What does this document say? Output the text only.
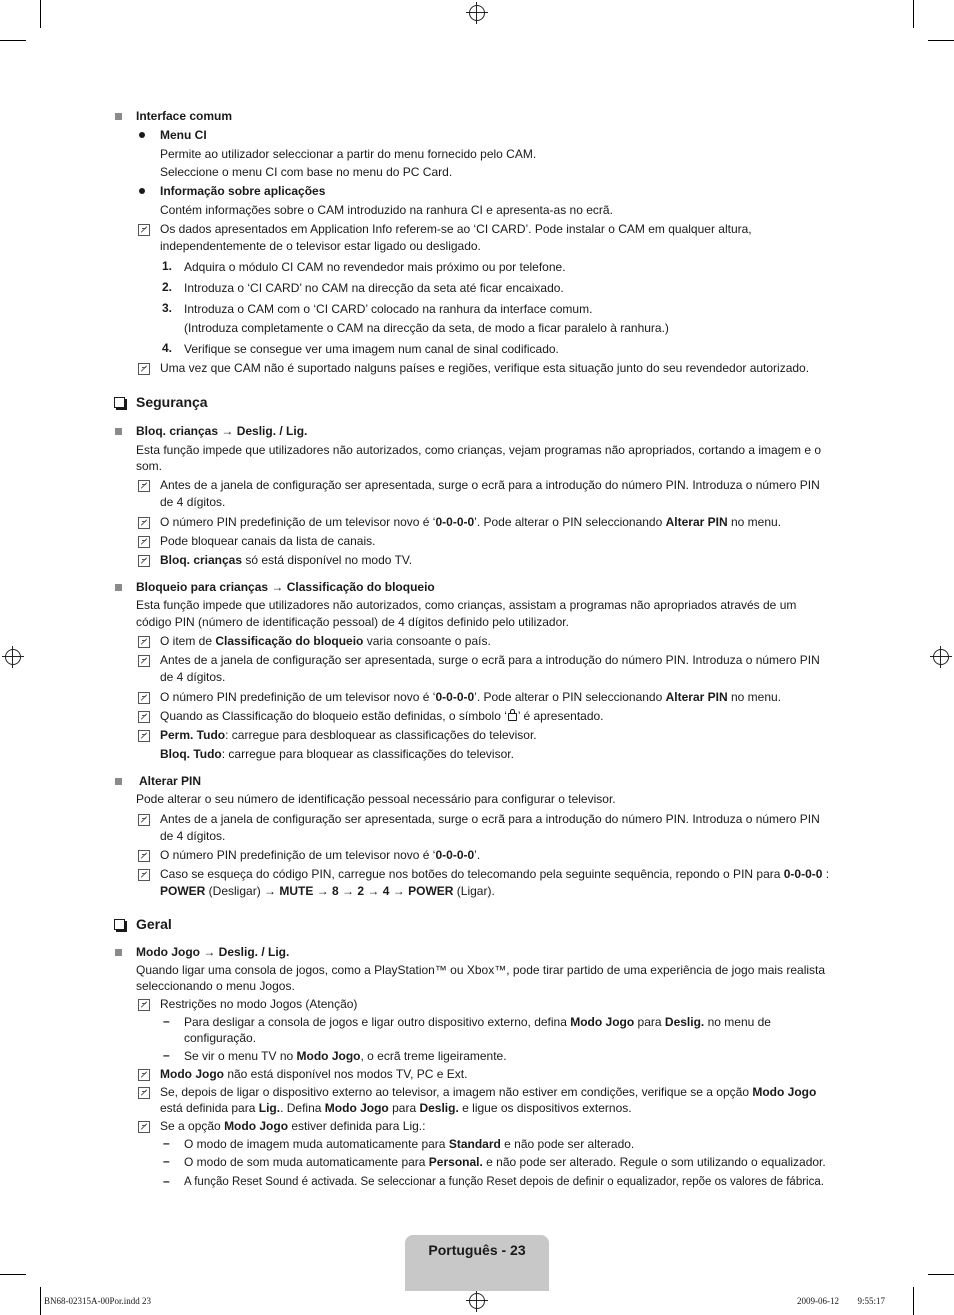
Interface comum
Menu CI
Permite ao utilizador seleccionar a partir do menu fornecido pelo CAM.
Seleccione o menu CI com base no menu do PC Card.
Informação sobre aplicações
Contém informações sobre o CAM introduzido na ranhura CI e apresenta-as no ecrã.
Os dados apresentados em Application Info referem-se ao ‘CI CARD’. Pode instalar o CAM em qualquer altura,
independentemente de o televisor estar ligado ou desligado.
1. Adquira o módulo CI CAM no revendedor mais próximo ou por telefone.
2. Introduza o ‘CI CARD’ no CAM na direcção da seta até ficar encaixado.
3. Introduza o CAM com o ‘CI CARD’ colocado na ranhura da interface comum.
(Introduza completamente o CAM na direcção da seta, de modo a ficar paralelo à ranhura.)
4. Verifique se consegue ver uma imagem num canal de sinal codificado.
Uma vez que CAM não é suportado nalguns países e regiões, verifique esta situação junto do seu revendedor autorizado.
Segurança
Bloq. crianças → Deslig. / Lig.
Esta função impede que utilizadores não autorizados, como crianças, vejam programas não apropriados, cortando a imagem e o
som.
Antes de a janela de configuração ser apresentada, surge o ecrã para a introdução do número PIN. Introduza o número PIN
de 4 dígitos.
O número PIN predefinição de um televisor novo é ‘0-0-0-0’. Pode alterar o PIN seleccionando Alterar PIN no menu.
Pode bloquear canais da lista de canais.
Bloq. crianças só está disponível no modo TV.
Bloqueio para crianças → Classificação do bloqueio
Esta função impede que utilizadores não autorizados, como crianças, assistam a programas não apropriados através de um
código PIN (número de identificação pessoal) de 4 dígitos definido pelo utilizador.
O item de Classificação do bloqueio varia consoante o país.
Antes de a janela de configuração ser apresentada, surge o ecrã para a introdução do número PIN. Introduza o número PIN
de 4 dígitos.
O número PIN predefinição de um televisor novo é ‘0-0-0-0’. Pode alterar o PIN seleccionando Alterar PIN no menu.
Quando as Classificação do bloqueio estão definidas, o símbolo ‘ ’ é apresentado.
Perm. Tudo: carregue para desbloquear as classificações do televisor.
Bloq. Tudo: carregue para bloquear as classificações do televisor.
Alterar PIN
Pode alterar o seu número de identificação pessoal necessário para configurar o televisor.
Antes de a janela de configuração ser apresentada, surge o ecrã para a introdução do número PIN. Introduza o número PIN
de 4 dígitos.
O número PIN predefinição de um televisor novo é ‘0-0-0-0’.
Caso se esqueça do código PIN, carregue nos botões do telecomando pela seguinte sequência, repondo o PIN para 0-0-0-0 :
POWER (Desligar) → MUTE → 8 → 2 → 4 → POWER (Ligar).
Geral
Modo Jogo → Deslig. / Lig.
Quando ligar uma consola de jogos, como a PlayStation™ ou Xbox™, pode tirar partido de uma experiência de jogo mais realista
seleccionando o menu Jogos.
Restrições no modo Jogos (Atenção)
– Para desligar a consola de jogos e ligar outro dispositivo externo, defina Modo Jogo para Deslig. no menu de
configuração.
– Se vir o menu TV no Modo Jogo, o ecrã treme ligeiramente.
Modo Jogo não está disponível nos modos TV, PC e Ext.
Se, depois de ligar o dispositivo externo ao televisor, a imagem não estiver em condições, verifique se a opção Modo Jogo
está definida para Lig.. Defina Modo Jogo para Deslig. e ligue os dispositivos externos.
Se a opção Modo Jogo estiver definida para Lig.:
– O modo de imagem muda automaticamente para Standard e não pode ser alterado.
– O modo de som muda automaticamente para Personal. e não pode ser alterado. Regule o som utilizando o equalizador.
– A função Reset Sound é activada. Se seleccionar a função Reset depois de definir o equalizador, repõe os valores de fábrica.
Português - 23
BN68-02315A-00Por.indd 23	2009-06-12 ￿￿ 9:55:17
